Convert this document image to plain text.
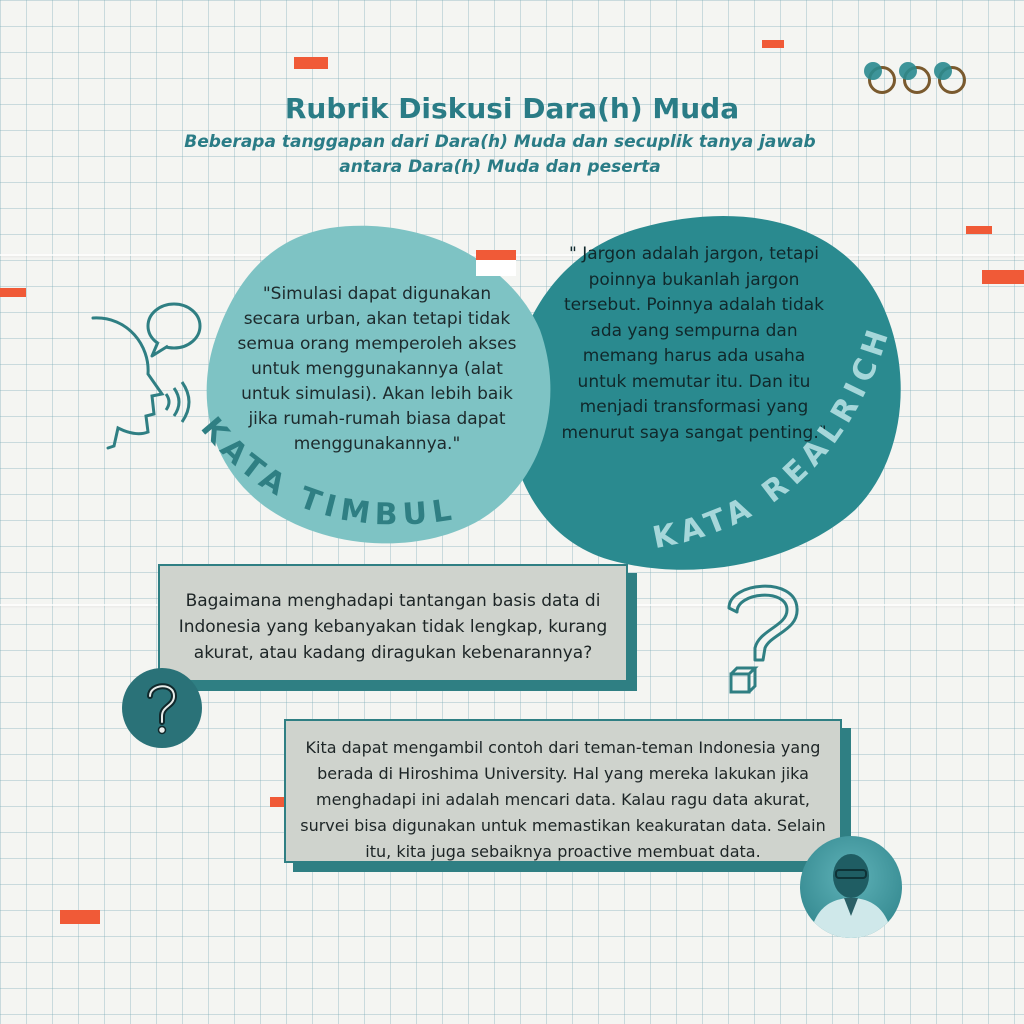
Rubrik Diskusi Dara(h) Muda
Beberapa tanggapan dari Dara(h) Muda dan secuplik tanya jawab
antara Dara(h) Muda dan peserta
"Simulasi dapat digunakan secara urban, akan tetapi tidak semua orang memperoleh akses untuk menggunakannya (alat untuk simulasi). Akan lebih baik jika rumah-rumah biasa dapat menggunakannya."
" Jargon adalah jargon, tetapi poinnya bukanlah jargon tersebut. Poinnya adalah tidak ada yang sempurna dan memang harus ada usaha untuk memutar itu. Dan itu menjadi transformasi yang menurut saya sangat penting."
KATA TIMBUL
KATA REALRICH
Bagaimana menghadapi tantangan basis data di Indonesia yang kebanyakan tidak lengkap, kurang akurat, atau kadang diragukan kebenarannya?
Kita dapat mengambil contoh dari teman-teman Indonesia yang berada di Hiroshima University. Hal yang mereka lakukan jika menghadapi ini adalah mencari data. Kalau ragu data akurat, survei bisa digunakan untuk memastikan keakuratan data. Selain itu, kita juga sebaiknya proactive membuat data.
